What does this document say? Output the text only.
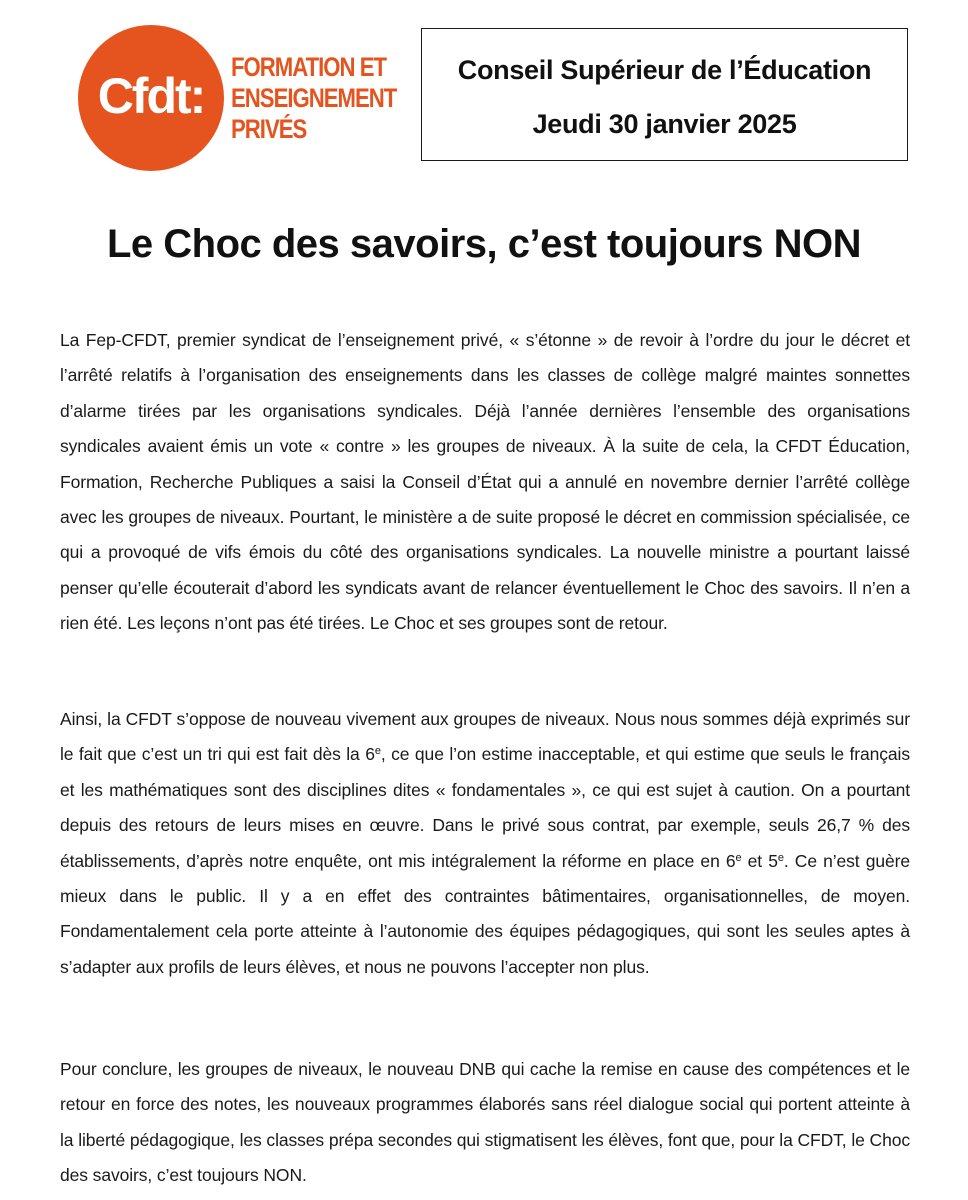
Cfdt:
FORMATION ET
ENSEIGNEMENT
PRIVÉS
Conseil Supérieur de l’Éducation
Jeudi 30 janvier 2025
Le Choc des savoirs, c’est toujours NON

La Fep-CFDT, premier syndicat de l’enseignement privé, « s’étonne » de revoir à l’ordre du jour le décret et l’arrêté relatifs à l’organisation des enseignements dans les classes de collège malgré maintes sonnettes d’alarme tirées par les organisations syndicales. Déjà l’année dernières l’ensemble des organisations syndicales avaient émis un vote « contre » les groupes de niveaux. À la suite de cela, la CFDT Éducation, Formation, Recherche Publiques a saisi la Conseil d’État qui a annulé en novembre dernier l’arrêté collège avec les groupes de niveaux. Pourtant, le ministère a de suite proposé le décret en commission spécialisée, ce qui a provoqué de vifs émois du côté des organisations syndicales. La nouvelle ministre a pourtant laissé penser qu’elle écouterait d’abord les syndicats avant de relancer éventuellement le Choc des savoirs. Il n’en a rien été. Les leçons n’ont pas été tirées. Le Choc et ses groupes sont de retour.

Ainsi, la CFDT s’oppose de nouveau vivement aux groupes de niveaux. Nous nous sommes déjà exprimés sur le fait que c’est un tri qui est fait dès la 6e, ce que l’on estime inacceptable, et qui estime que seuls le français et les mathématiques sont des disciplines dites « fondamentales », ce qui est sujet à caution. On a pourtant depuis des retours de leurs mises en œuvre. Dans le privé sous contrat, par exemple, seuls 26,7 % des établissements, d’après notre enquête, ont mis intégralement la réforme en place en 6e et 5e. Ce n’est guère mieux dans le public. Il y a en effet des contraintes bâtimentaires, organisationnelles, de moyen. Fondamentalement cela porte atteinte à l’autonomie des équipes pédagogiques, qui sont les seules aptes à s’adapter aux profils de leurs élèves, et nous ne pouvons l’accepter non plus.

Pour conclure, les groupes de niveaux, le nouveau DNB qui cache la remise en cause des compétences et le retour en force des notes, les nouveaux programmes élaborés sans réel dialogue social qui portent atteinte à la liberté pédagogique, les classes prépa secondes qui stigmatisent les élèves, font que, pour la CFDT, le Choc des savoirs, c’est toujours NON.
